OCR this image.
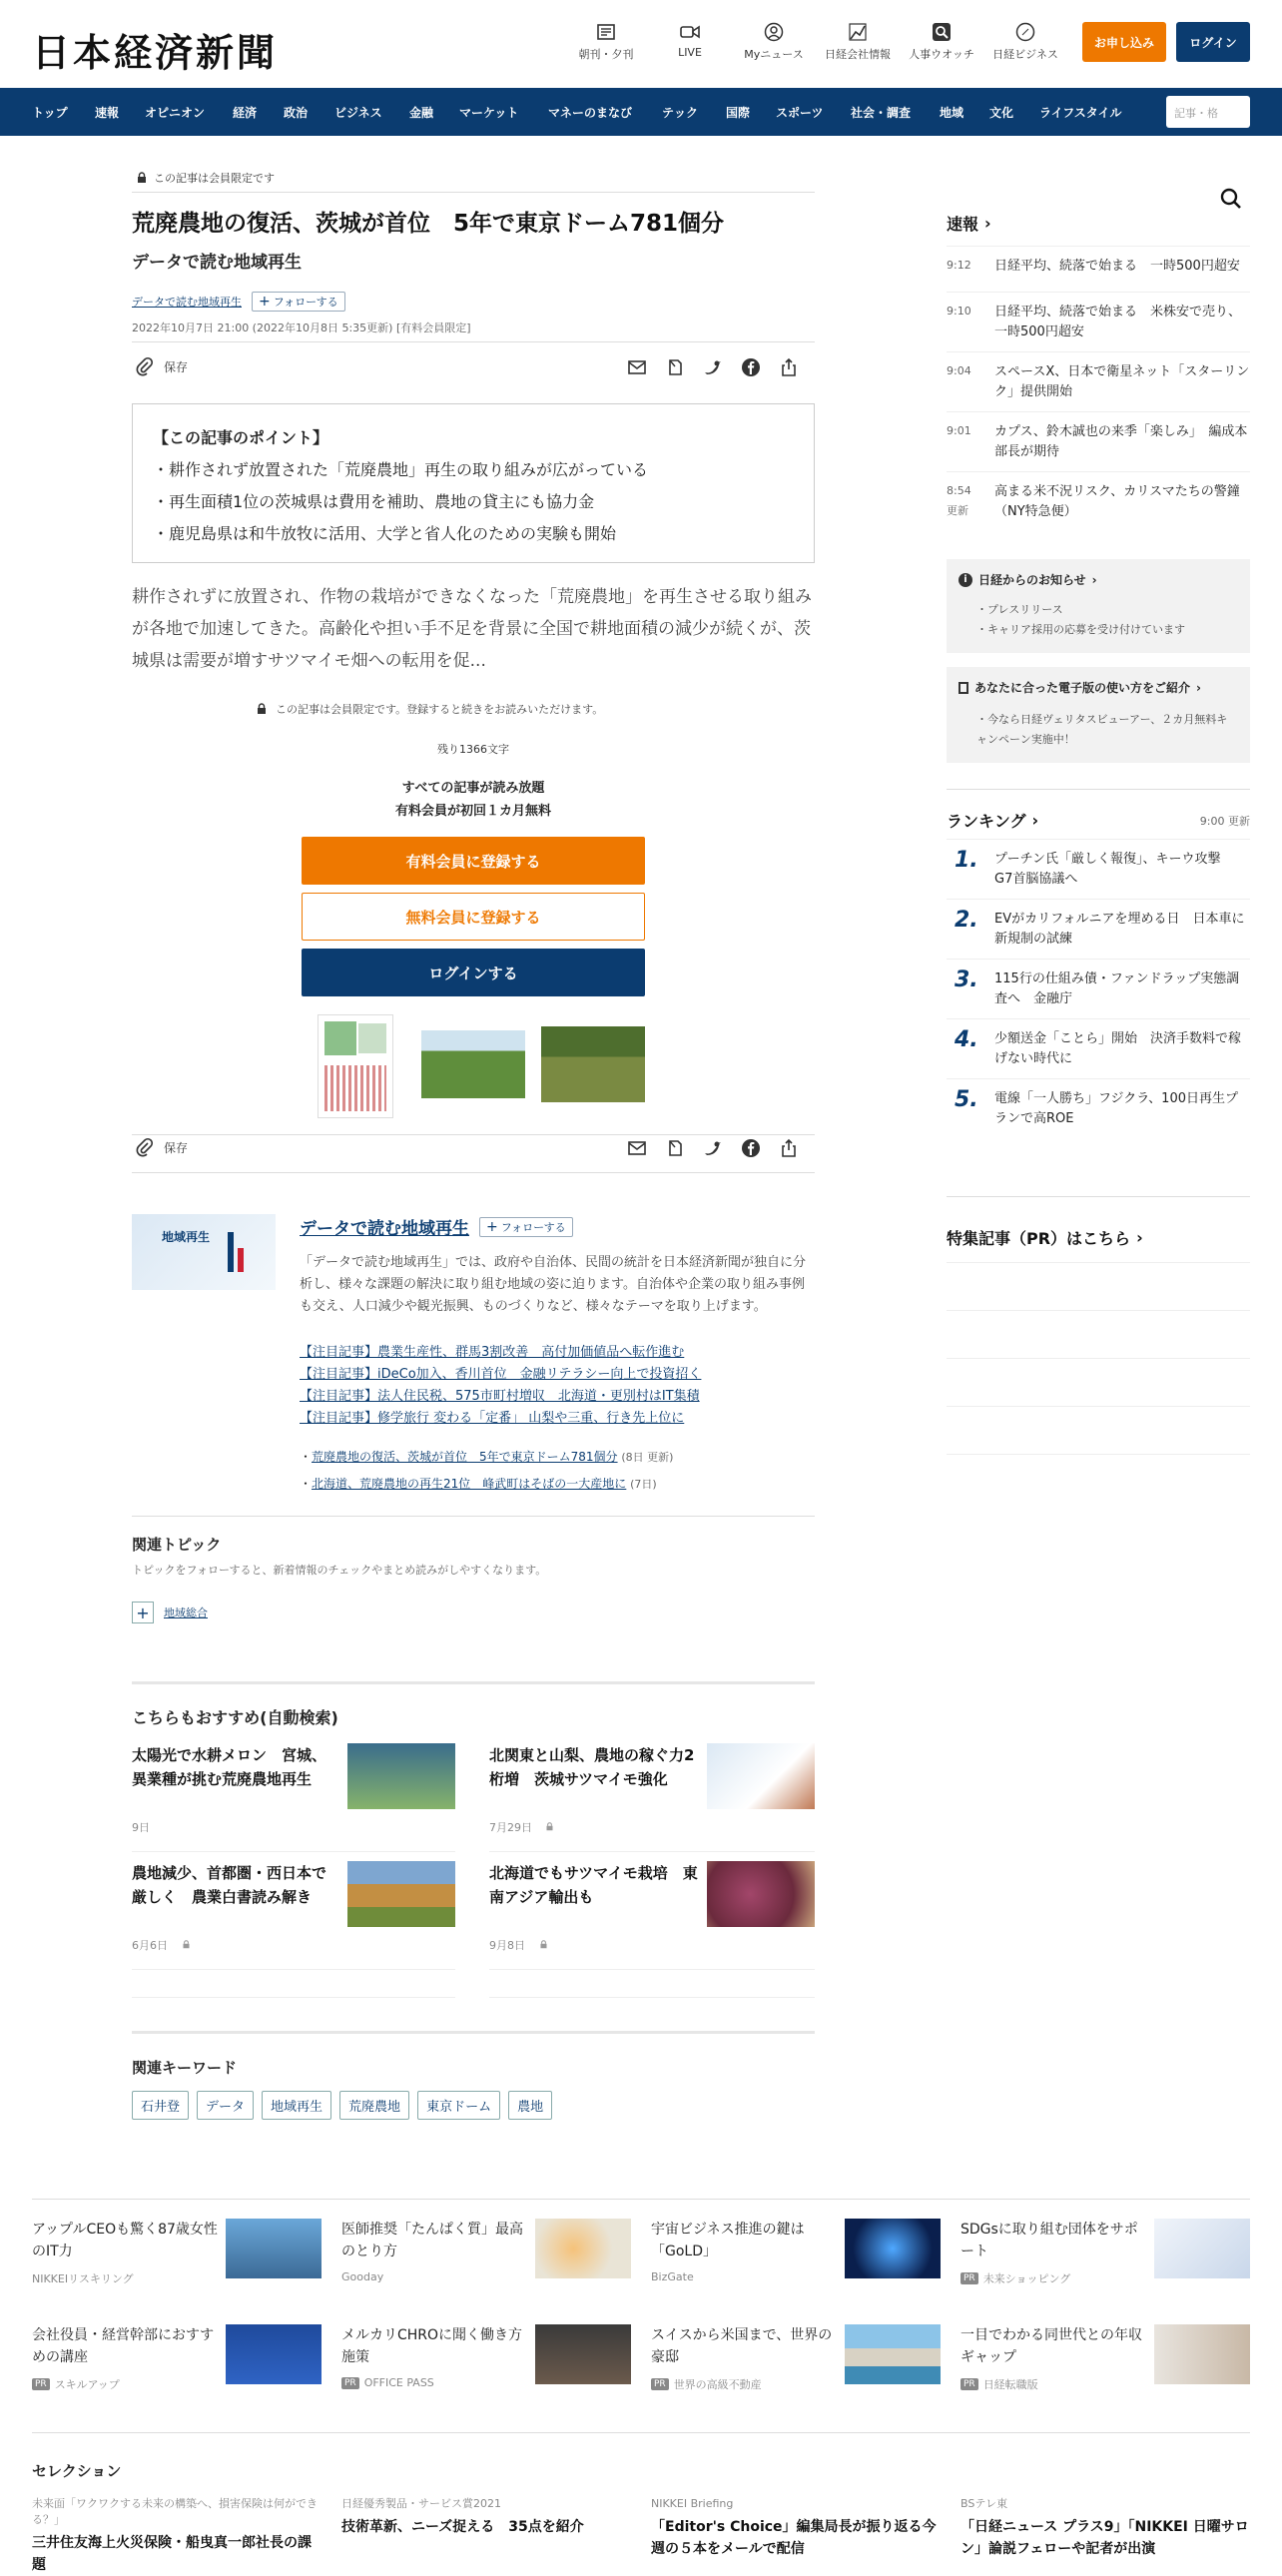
日本経済新聞	朝刊・夕刊	LIVE	Myニュース	日経会社情報	人事ウオッチ	日経ビジネス
お申し込み	ログイン
トップ 速報 オピニオン 経済 政治 ビジネス 金融 マーケット マネーのまなび テック 国際 スポーツ 社会・調査 地域 文化 ライフスタイル	記事・格
この記事は会員限定です
荒廃農地の復活、茨城が首位　5年で東京ドーム781個分
データで読む地域再生
データで読む地域再生 + フォローする
2022年10月7日 21:00 (2022年10月8日 5:35更新) [有料会員限定]
保存
【この記事のポイント】
・耕作されず放置された「荒廃農地」再生の取り組みが広がっている
・再生面積1位の茨城県は費用を補助、農地の貸主にも協力金
・鹿児島県は和牛放牧に活用、大学と省人化のための実験も開始
耕作されずに放置され、作物の栽培ができなくなった「荒廃農地」を再生させる取り組みが各地で加速してきた。高齢化や担い手不足を背景に全国で耕地面積の減少が続くが、茨城県は需要が増すサツマイモ畑への転用を促...
この記事は会員限定です。登録すると続きをお読みいただけます。
残り1366文字
すべての記事が読み放題
有料会員が初回１カ月無料
有料会員に登録する
無料会員に登録する
ログインする
保存
地域再生	データで読む地域再生 + フォローする
「データで読む地域再生」では、政府や自治体、民間の統計を日本経済新聞が独自に分析し、様々な課題の解決に取り組む地域の姿に迫ります。自治体や企業の取り組み事例も交え、人口減少や観光振興、ものづくりなど、様々なテーマを取り上げます。
【注目記事】農業生産性、群馬3割改善　高付加価値品へ転作進む
【注目記事】iDeCo加入、香川首位　金融リテラシー向上で投資招く
【注目記事】法人住民税、575市町村増収　北海道・更別村はIT集積
【注目記事】修学旅行 変わる「定番」 山梨や三重、行き先上位に
・荒廃農地の復活、茨城が首位　5年で東京ドーム781個分 (8日 更新)
・北海道、荒廃農地の再生21位　峰武町はそばの一大産地に (7日)
関連トピック
トピックをフォローすると、新着情報のチェックやまとめ読みがしやすくなります。
+	地域総合
こちらもおすすめ(自動検索)
太陽光で水耕メロン　宮城、異業種が挑む荒廃農地再生
9日
北関東と山梨、農地の稼ぐ力2桁増　茨城サツマイモ強化
7月29日
農地減少、首都圏・西日本で厳しく　農業白書読み解き
6月6日
北海道でもサツマイモ栽培　東南アジア輸出も
9月8日
関連キーワード
石井登 データ 地域再生 荒廃農地 東京ドーム 農地
速報 ›
9:12 日経平均、続落で始まる　一時500円超安
9:10 日経平均、続落で始まる　米株安で売り、一時500円超安
9:04 スペースX、日本で衛星ネット「スターリンク」提供開始
9:01 カプス、鈴木誠也の来季「楽しみ」　編成本部長が期待
8:54
更新
高まる米不況リスク、カリスマたちの警鐘（NY特急便）
i 日経からのお知らせ ›
・プレスリリース
・キャリア採用の応募を受け付けています
あなたに合った電子版の使い方をご紹介 ›
・今なら日経ヴェリタスビューアー、２カ月無料キャンペーン実施中！
ランキング ›	9:00 更新
1. プーチン氏「厳しく報復」、キーウ攻撃　G7首脳協議へ
2. EVがカリフォルニアを埋める日　日本車に新規制の試練
3. 115行の仕組み債・ファンドラップ実態調査へ　金融庁
4. 少額送金「ことら」開始　決済手数料で稼げない時代に
5. 電線「一人勝ち」フジクラ、100日再生プランで高ROE
特集記事（PR）はこちら ›
アップルCEOも驚く87歳女性のIT力
NIKKEIリスキリング
医師推奨「たんぱく質」最高のとり方
Gooday
宇宙ビジネス推進の鍵は「GoLD」
BizGate
SDGsに取り組む団体をサポート
PR 未来ショッピング
会社役員・経営幹部におすすめの講座
PR スキルアップ
メルカリCHROに聞く働き方施策
PR OFFICE PASS
スイスから米国まで、世界の豪邸
PR 世界の高級不動産
一目でわかる同世代との年収ギャップ
PR 日経転職版
セレクション
未来面「ワクワクする未来の構築へ、損害保険は何ができる？」
三井住友海上火災保険・船曳真一郎社長の課題
日経優秀製品・サービス賞2021
技術革新、ニーズ捉える　35点を紹介
NIKKEI Briefing
「Editor's Choice」編集局長が振り返る今週の５本をメールで配信
BSテレ東
「日経ニュース プラス9」「NIKKEI 日曜サロン」論説フェローや記者が出演
